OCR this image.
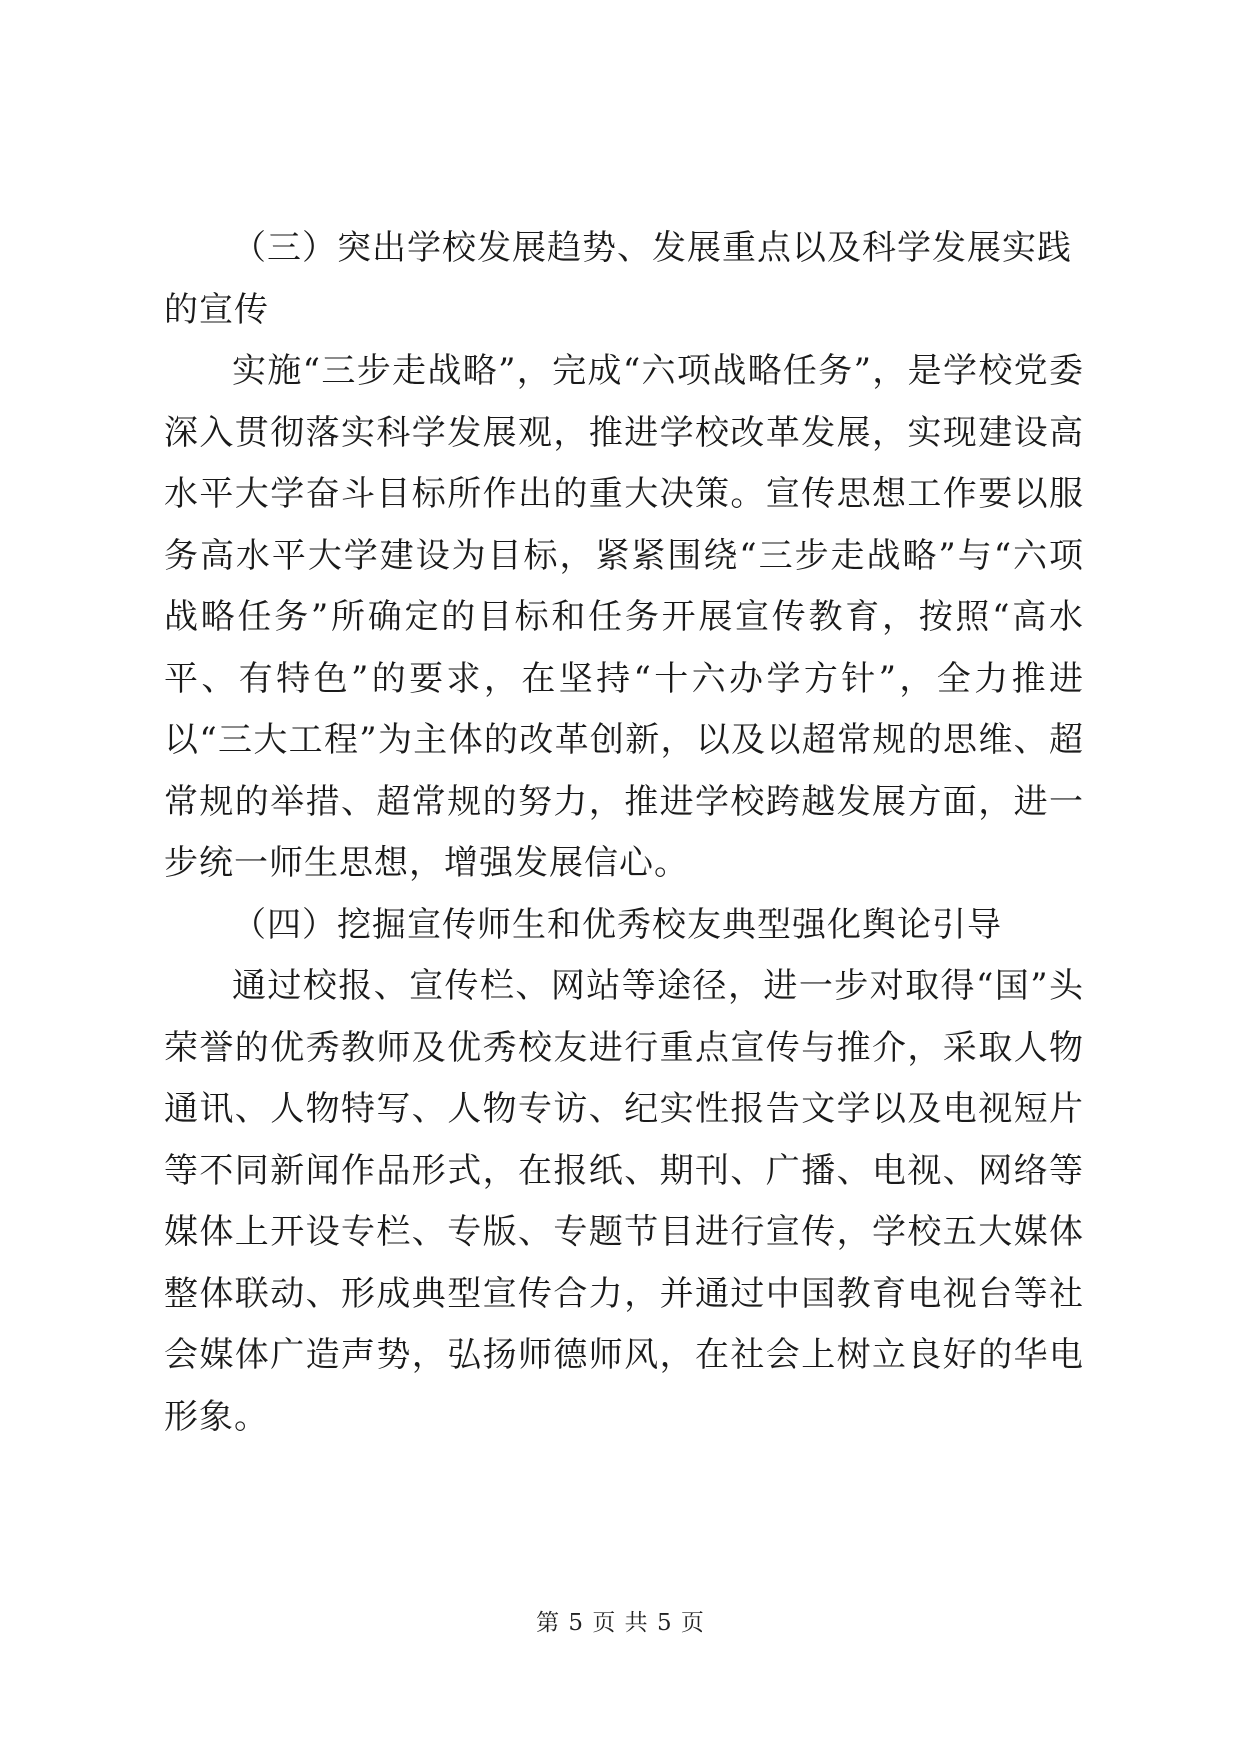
（三）突出学校发展趋势、发展重点以及科学发展实践的宣传

实施“三步走战略”，完成“六项战略任务”，是学校党委深入贯彻落实科学发展观，推进学校改革发展，实现建设高水平大学奋斗目标所作出的重大决策。宣传思想工作要以服务高水平大学建设为目标，紧紧围绕“三步走战略”与“六项战略任务”所确定的目标和任务开展宣传教育，按照“高水平、有特色”的要求，在坚持“十六办学方针”，全力推进以“三大工程”为主体的改革创新，以及以超常规的思维、超常规的举措、超常规的努力，推进学校跨越发展方面，进一步统一师生思想，增强发展信心。

（四）挖掘宣传师生和优秀校友典型强化舆论引导

通过校报、宣传栏、网站等途径，进一步对取得“国”头荣誉的优秀教师及优秀校友进行重点宣传与推介，采取人物通讯、人物特写、人物专访、纪实性报告文学以及电视短片等不同新闻作品形式，在报纸、期刊、广播、电视、网络等媒体上开设专栏、专版、专题节目进行宣传，学校五大媒体整体联动、形成典型宣传合力，并通过中国教育电视台等社会媒体广造声势，弘扬师德师风，在社会上树立良好的华电形象。

第 5 页 共 5 页
